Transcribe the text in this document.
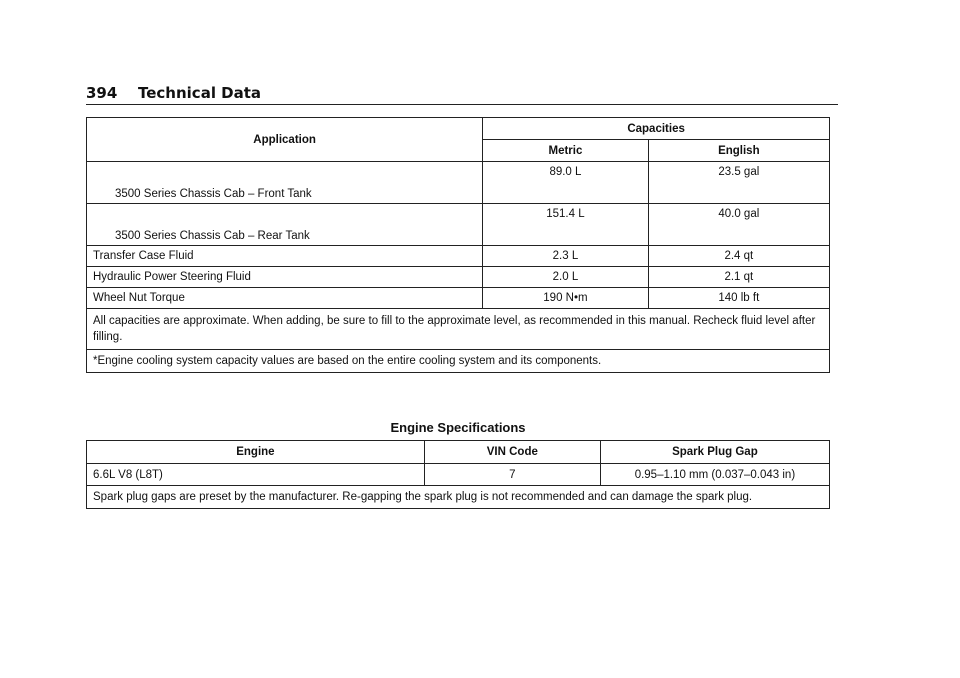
394 Technical Data
Application	Capacities	
	Metric	English
3500 Series Chassis Cab – Front Tank	89.0 L	23.5 gal
3500 Series Chassis Cab – Rear Tank	151.4 L	40.0 gal
Transfer Case Fluid	2.3 L	2.4 qt
Hydraulic Power Steering Fluid	2.0 L	2.1 qt
Wheel Nut Torque	190 N•m	140 lb ft
All capacities are approximate. When adding, be sure to fill to the approximate level, as recommended in this manual. Recheck fluid level after filling.		
*Engine cooling system capacity values are based on the entire cooling system and its components.		
Engine Specifications
Engine	VIN Code	Spark Plug Gap
6.6L V8 (L8T)	7	0.95–1.10 mm (0.037–0.043 in)
Spark plug gaps are preset by the manufacturer. Re-gapping the spark plug is not recommended and can damage the spark plug.		
